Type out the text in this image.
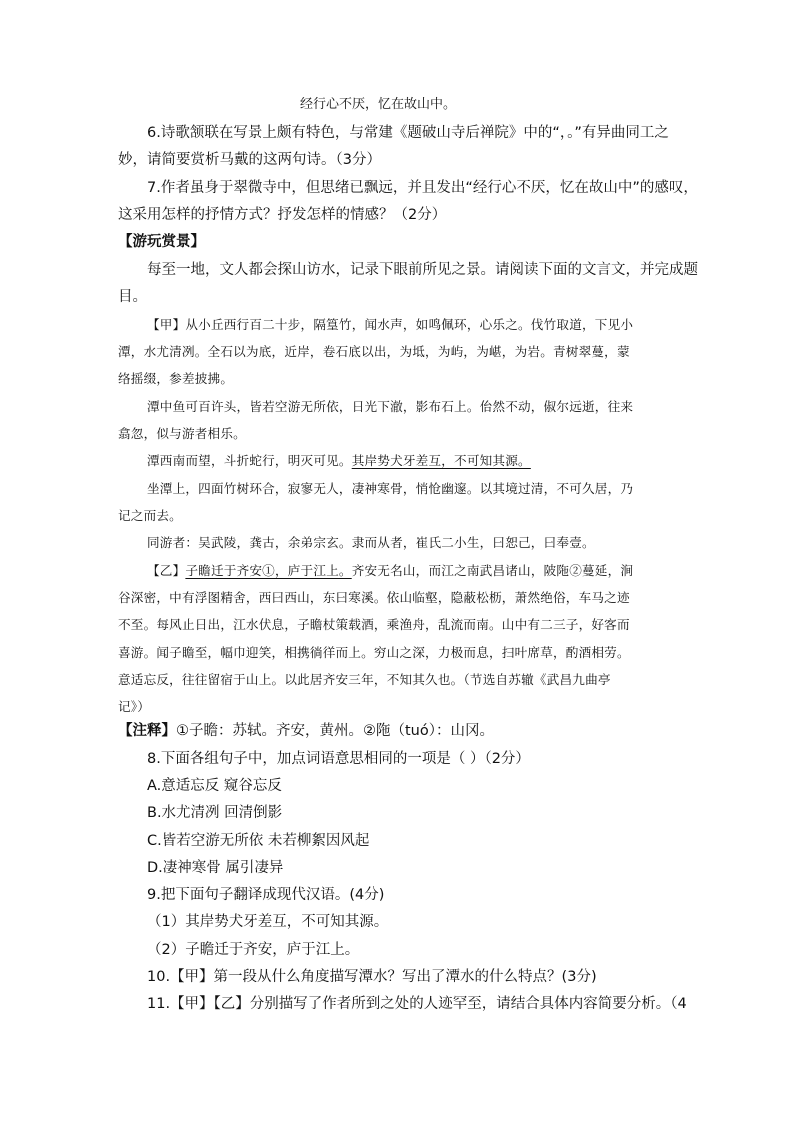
经行心不厌，忆在故山中。
6.诗歌颔联在写景上颇有特色，与常建《题破山寺后禅院》中的“，。”有异曲同工之
妙，请简要赏析马戴的这两句诗。（3分）
7.作者虽身于翠微寺中，但思绪已飘远，并且发出“经行心不厌，忆在故山中”的感叹，
这采用怎样的抒情方式？抒发怎样的情感？（2分）
【游玩赏景】
每至一地，文人都会探山访水，记录下眼前所见之景。请阅读下面的文言文，并完成题
目。
【甲】从小丘西行百二十步，隔篁竹，闻水声，如鸣佩环，心乐之。伐竹取道，下见小
潭，水尤清冽。全石以为底，近岸，卷石底以出，为坻，为屿，为嵁，为岩。青树翠蔓，蒙
络摇缀，参差披拂。
潭中鱼可百许头，皆若空游无所依，日光下澈，影布石上。佁然不动，俶尔远逝，往来
翕忽，似与游者相乐。
潭西南而望，斗折蛇行，明灭可见。其岸势犬牙差互，不可知其源。
坐潭上，四面竹树环合，寂寥无人，凄神寒骨，悄怆幽邃。以其境过清，不可久居，乃
记之而去。
同游者：吴武陵，龚古，余弟宗玄。隶而从者，崔氏二小生，曰恕己，曰奉壹。
【乙】子瞻迁于齐安①，庐于江上。齐安无名山，而江之南武昌诸山，陂陁②蔓延，涧
谷深密，中有浮图精舍，西曰西山，东曰寒溪。依山临壑，隐蔽松枥，萧然绝俗，车马之迹
不至。每风止日出，江水伏息，子瞻杖策载酒，乘渔舟，乱流而南。山中有二三子，好客而
喜游。闻子瞻至，幅巾迎笑，相携徜徉而上。穷山之深，力极而息，扫叶席草，酌酒相劳。
意适忘反，往往留宿于山上。以此居齐安三年，不知其久也。（节选自苏辙《武昌九曲亭
记》）
【注释】①子瞻：苏轼。齐安，黄州。②陁（tuó）：山冈。
8.下面各组句子中，加点词语意思相同的一项是（ ）（2分）
A.意适忘反 窥谷忘反
B.水尤清冽 回清倒影
C.皆若空游无所依 未若柳絮因风起
D.凄神寒骨 属引凄异
9.把下面句子翻译成现代汉语。(4分)
（1）其岸势犬牙差互，不可知其源。
（2）子瞻迁于齐安，庐于江上。
10.【甲】第一段从什么角度描写潭水？写出了潭水的什么特点？(3分)
11.【甲】【乙】分别描写了作者所到之处的人迹罕至，请结合具体内容简要分析。（4
